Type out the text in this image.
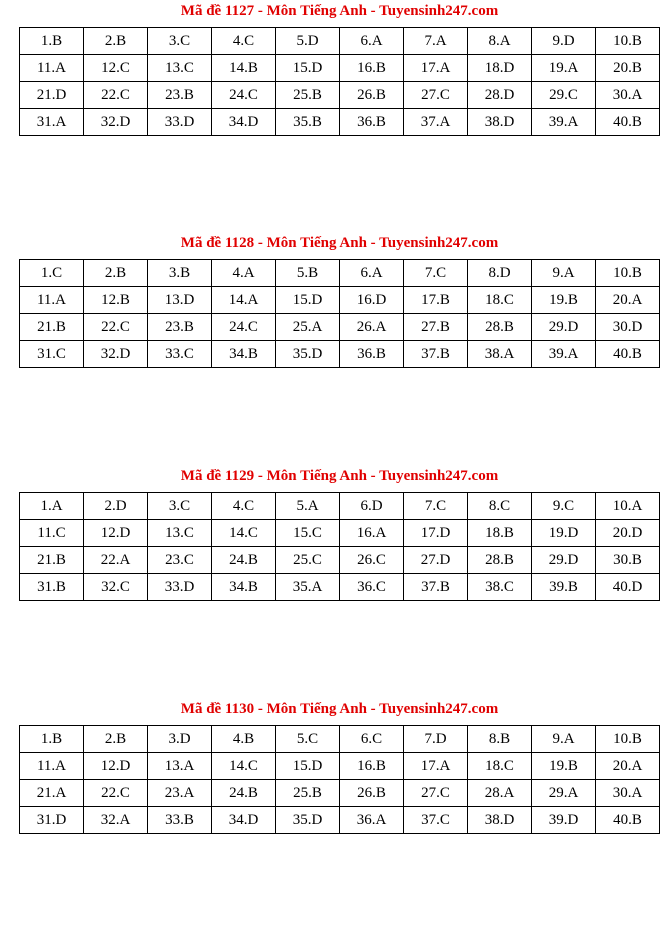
Mã đề 1127 - Môn Tiếng Anh - Tuyensinh247.com
1.B	2.B	3.C	4.C	5.D	6.A	7.A	8.A	9.D	10.B
11.A	12.C	13.C	14.B	15.D	16.B	17.A	18.D	19.A	20.B
21.D	22.C	23.B	24.C	25.B	26.B	27.C	28.D	29.C	30.A
31.A	32.D	33.D	34.D	35.B	36.B	37.A	38.D	39.A	40.B
Mã đề 1128 - Môn Tiếng Anh - Tuyensinh247.com
1.C	2.B	3.B	4.A	5.B	6.A	7.C	8.D	9.A	10.B
11.A	12.B	13.D	14.A	15.D	16.D	17.B	18.C	19.B	20.A
21.B	22.C	23.B	24.C	25.A	26.A	27.B	28.B	29.D	30.D
31.C	32.D	33.C	34.B	35.D	36.B	37.B	38.A	39.A	40.B
Mã đề 1129 - Môn Tiếng Anh - Tuyensinh247.com
1.A	2.D	3.C	4.C	5.A	6.D	7.C	8.C	9.C	10.A
11.C	12.D	13.C	14.C	15.C	16.A	17.D	18.B	19.D	20.D
21.B	22.A	23.C	24.B	25.C	26.C	27.D	28.B	29.D	30.B
31.B	32.C	33.D	34.B	35.A	36.C	37.B	38.C	39.B	40.D
Mã đề 1130 - Môn Tiếng Anh - Tuyensinh247.com
1.B	2.B	3.D	4.B	5.C	6.C	7.D	8.B	9.A	10.B
11.A	12.D	13.A	14.C	15.D	16.B	17.A	18.C	19.B	20.A
21.A	22.C	23.A	24.B	25.B	26.B	27.C	28.A	29.A	30.A
31.D	32.A	33.B	34.D	35.D	36.A	37.C	38.D	39.D	40.B
